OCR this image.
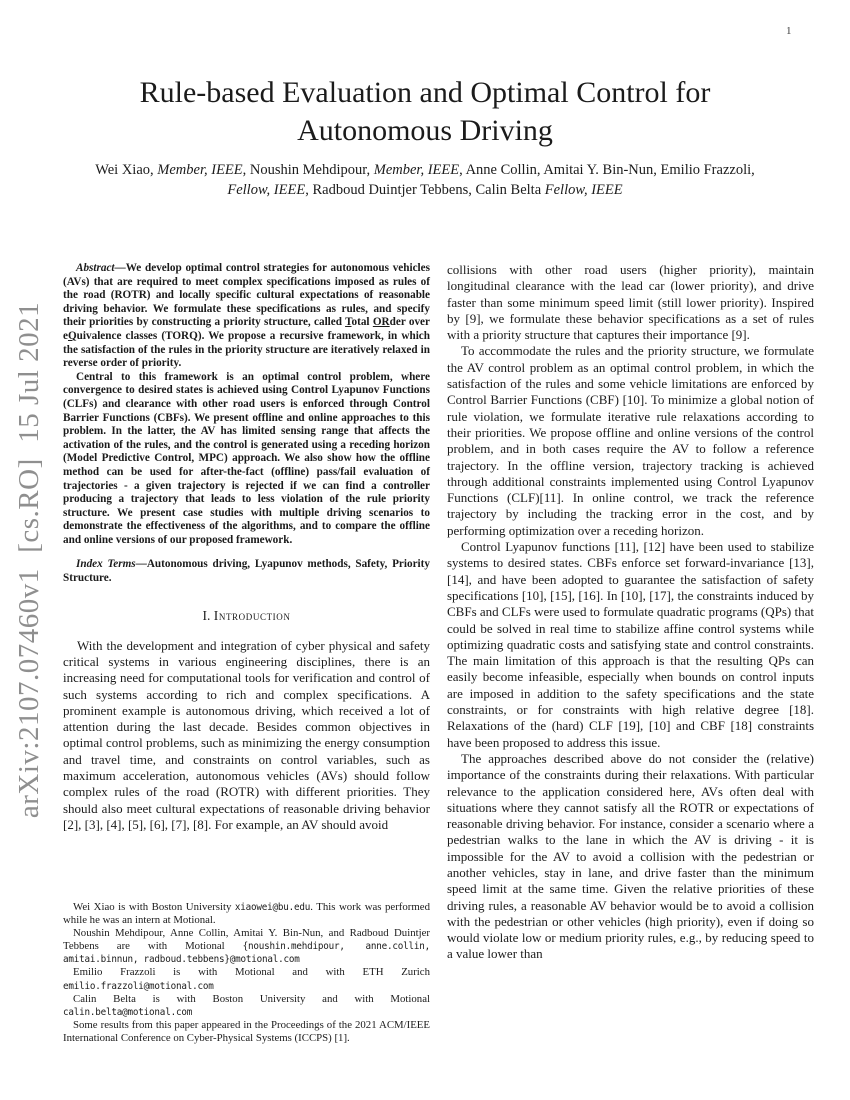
1
arXiv:2107.07460v1  [cs.RO]  15 Jul 2021
Rule-based Evaluation and Optimal Control for Autonomous Driving
Wei Xiao, Member, IEEE, Noushin Mehdipour, Member, IEEE, Anne Collin, Amitai Y. Bin-Nun, Emilio Frazzoli, Fellow, IEEE, Radboud Duintjer Tebbens, Calin Belta Fellow, IEEE

Abstract—We develop optimal control strategies for autonomous vehicles (AVs) that are required to meet complex specifications imposed as rules of the road (ROTR) and locally specific cultural expectations of reasonable driving behavior. We formulate these specifications as rules, and specify their priorities by constructing a priority structure, called Total ORder over eQuivalence classes (TORQ). We propose a recursive framework, in which the satisfaction of the rules in the priority structure are iteratively relaxed in reverse order of priority.

Central to this framework is an optimal control problem, where convergence to desired states is achieved using Control Lyapunov Functions (CLFs) and clearance with other road users is enforced through Control Barrier Functions (CBFs). We present offline and online approaches to this problem. In the latter, the AV has limited sensing range that affects the activation of the rules, and the control is generated using a receding horizon (Model Predictive Control, MPC) approach. We also show how the offline method can be used for after-the-fact (offline) pass/fail evaluation of trajectories - a given trajectory is rejected if we can find a controller producing a trajectory that leads to less violation of the rule priority structure. We present case studies with multiple driving scenarios to demonstrate the effectiveness of the algorithms, and to compare the offline and online versions of our proposed framework.

Index Terms—Autonomous driving, Lyapunov methods, Safety, Priority Structure.

I. Introduction

With the development and integration of cyber physical and safety critical systems in various engineering disciplines, there is an increasing need for computational tools for verification and control of such systems according to rich and complex specifications. A prominent example is autonomous driving, which received a lot of attention during the last decade. Besides common objectives in optimal control problems, such as minimizing the energy consumption and travel time, and constraints on control variables, such as maximum acceleration, autonomous vehicles (AVs) should follow complex rules of the road (ROTR) with different priorities. They should also meet cultural expectations of reasonable driving behavior [2], [3], [4], [5], [6], [7], [8]. For example, an AV should avoid

Wei Xiao is with Boston University xiaowei@bu.edu. This work was performed while he was an intern at Motional.

Noushin Mehdipour, Anne Collin, Amitai Y. Bin-Nun, and Radboud Duintjer Tebbens are with Motional {noushin.mehdipour, anne.collin, amitai.binnun, radboud.tebbens}@motional.com

Emilio Frazzoli is with Motional and with ETH Zurich emilio.frazzoli@motional.com

Calin Belta is with Boston University and with Motional calin.belta@motional.com

Some results from this paper appeared in the Proceedings of the 2021 ACM/IEEE International Conference on Cyber-Physical Systems (ICCPS) [1].

collisions with other road users (higher priority), maintain longitudinal clearance with the lead car (lower priority), and drive faster than some minimum speed limit (still lower priority). Inspired by [9], we formulate these behavior specifications as a set of rules with a priority structure that captures their importance [9].

To accommodate the rules and the priority structure, we formulate the AV control problem as an optimal control problem, in which the satisfaction of the rules and some vehicle limitations are enforced by Control Barrier Functions (CBF) [10]. To minimize a global notion of rule violation, we formulate iterative rule relaxations according to their priorities. We propose offline and online versions of the control problem, and in both cases require the AV to follow a reference trajectory. In the offline version, trajectory tracking is achieved through additional constraints implemented using Control Lyapunov Functions (CLF)[11]. In online control, we track the reference trajectory by including the tracking error in the cost, and by performing optimization over a receding horizon.

Control Lyapunov functions [11], [12] have been used to stabilize systems to desired states. CBFs enforce set forward-invariance [13], [14], and have been adopted to guarantee the satisfaction of safety specifications [10], [15], [16]. In [10], [17], the constraints induced by CBFs and CLFs were used to formulate quadratic programs (QPs) that could be solved in real time to stabilize affine control systems while optimizing quadratic costs and satisfying state and control constraints. The main limitation of this approach is that the resulting QPs can easily become infeasible, especially when bounds on control inputs are imposed in addition to the safety specifications and the state constraints, or for constraints with high relative degree [18]. Relaxations of the (hard) CLF [19], [10] and CBF [18] constraints have been proposed to address this issue.

The approaches described above do not consider the (relative) importance of the constraints during their relaxations. With particular relevance to the application considered here, AVs often deal with situations where they cannot satisfy all the ROTR or expectations of reasonable driving behavior. For instance, consider a scenario where a pedestrian walks to the lane in which the AV is driving - it is impossible for the AV to avoid a collision with the pedestrian or another vehicles, stay in lane, and drive faster than the minimum speed limit at the same time. Given the relative priorities of these driving rules, a reasonable AV behavior would be to avoid a collision with the pedestrian or other vehicles (high priority), even if doing so would violate low or medium priority rules, e.g., by reducing speed to a value lower than
